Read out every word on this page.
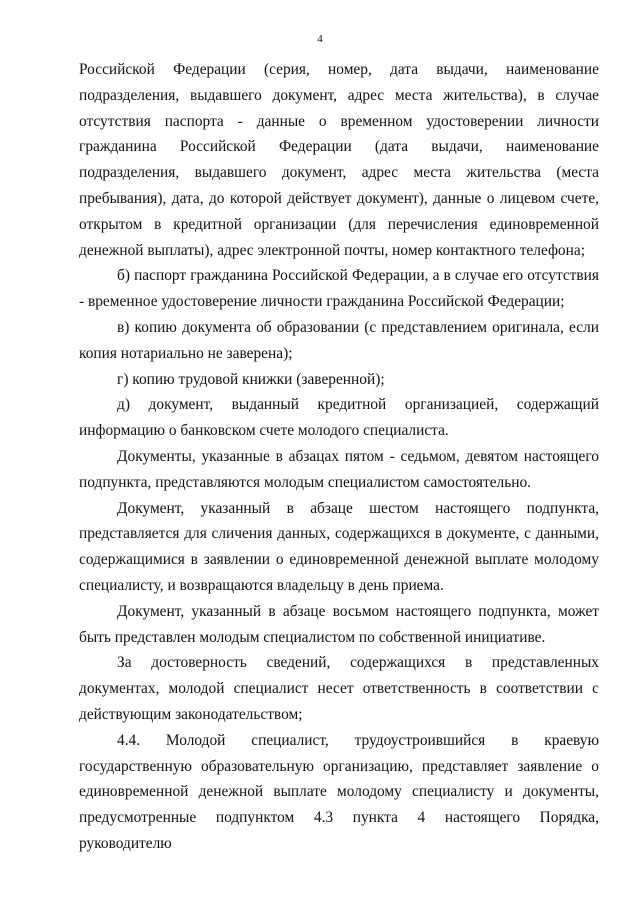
4

Российской Федерации (серия, номер, дата выдачи, наименование подразделения, выдавшего документ, адрес места жительства), в случае отсутствия паспорта - данные о временном удостоверении личности гражданина Российской Федерации (дата выдачи, наименование подразделения, выдавшего документ, адрес места жительства (места пребывания), дата, до которой действует документ), данные о лицевом счете, открытом в кредитной организации (для перечисления единовременной денежной выплаты), адрес электронной почты, номер контактного телефона;

б) паспорт гражданина Российской Федерации, а в случае его отсутствия - временное удостоверение личности гражданина Российской Федерации;

в) копию документа об образовании (с представлением оригинала, если копия нотариально не заверена);

г) копию трудовой книжки (заверенной);

д) документ, выданный кредитной организацией, содержащий информацию о банковском счете молодого специалиста.

Документы, указанные в абзацах пятом - седьмом, девятом настоящего подпункта, представляются молодым специалистом самостоятельно.

Документ, указанный в абзаце шестом настоящего подпункта, представляется для сличения данных, содержащихся в документе, с данными, содержащимися в заявлении о единовременной денежной выплате молодому специалисту, и возвращаются владельцу в день приема.

Документ, указанный в абзаце восьмом настоящего подпункта, может быть представлен молодым специалистом по собственной инициативе.

За достоверность сведений, содержащихся в представленных документах, молодой специалист несет ответственность в соответствии с действующим законодательством;

4.4. Молодой специалист, трудоустроившийся в краевую государственную образовательную организацию, представляет заявление о единовременной денежной выплате молодому специалисту и документы, предусмотренные подпунктом 4.3 пункта 4 настоящего Порядка, руководителю
